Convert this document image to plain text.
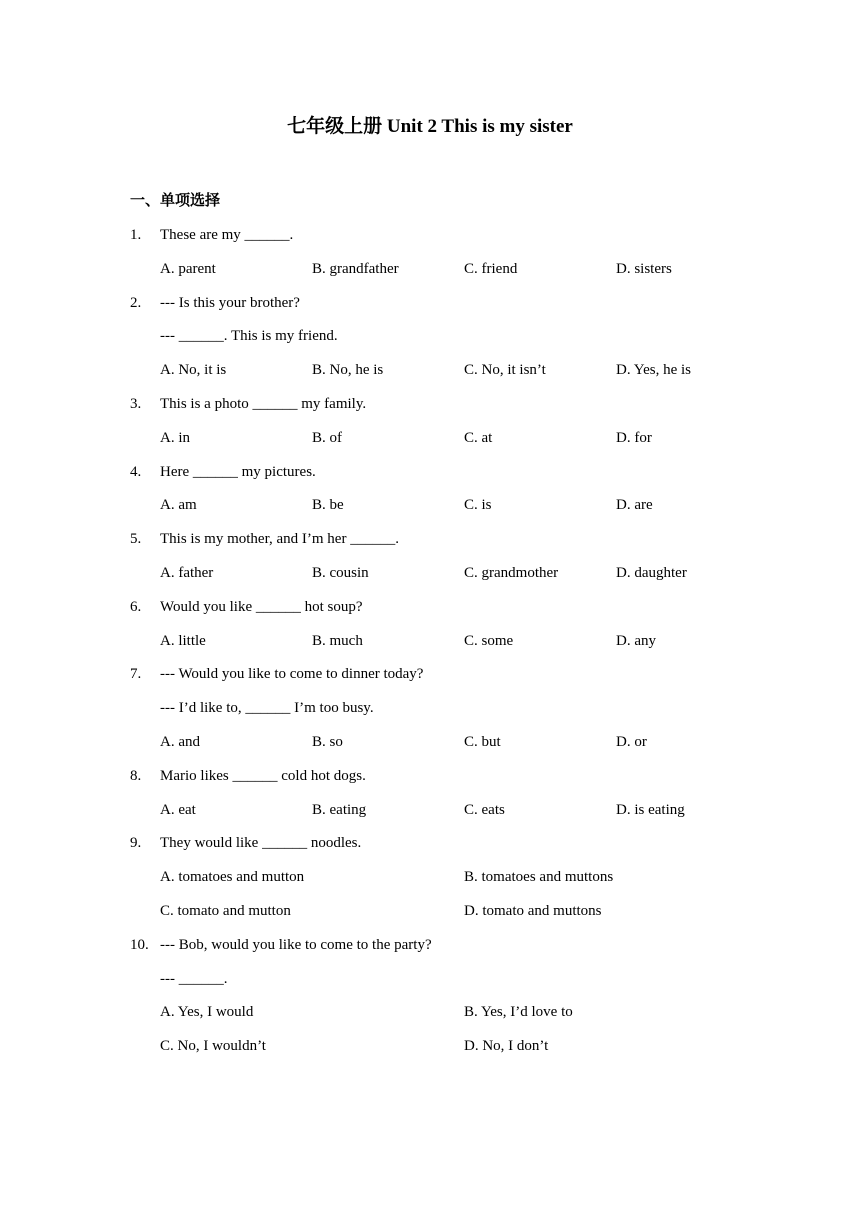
七年级上册 Unit 2 This is my sister
一、单项选择
1. These are my ______.
A. parent	B. grandfather	C. friend	D. sisters
2. --- Is this your brother?
--- ______. This is my friend.
A. No, it is	B. No, he is	C. No, it isn’t	D. Yes, he is
3. This is a photo ______ my family.
A. in	B. of	C. at	D. for
4. Here ______ my pictures.
A. am	B. be	C. is	D. are
5. This is my mother, and I’m her ______.
A. father	B. cousin	C. grandmother	D. daughter
6. Would you like ______ hot soup?
A. little	B. much	C. some	D. any
7. --- Would you like to come to dinner today?
--- I’d like to, ______ I’m too busy.
A. and	B. so	C. but	D. or
8. Mario likes ______ cold hot dogs.
A. eat	B. eating	C. eats	D. is eating
9. They would like ______ noodles.
A. tomatoes and mutton	B. tomatoes and muttons
C. tomato and mutton	D. tomato and muttons
10. --- Bob, would you like to come to the party?
--- ______.
A. Yes, I would	B. Yes, I’d love to
C. No, I wouldn’t	D. No, I don’t
